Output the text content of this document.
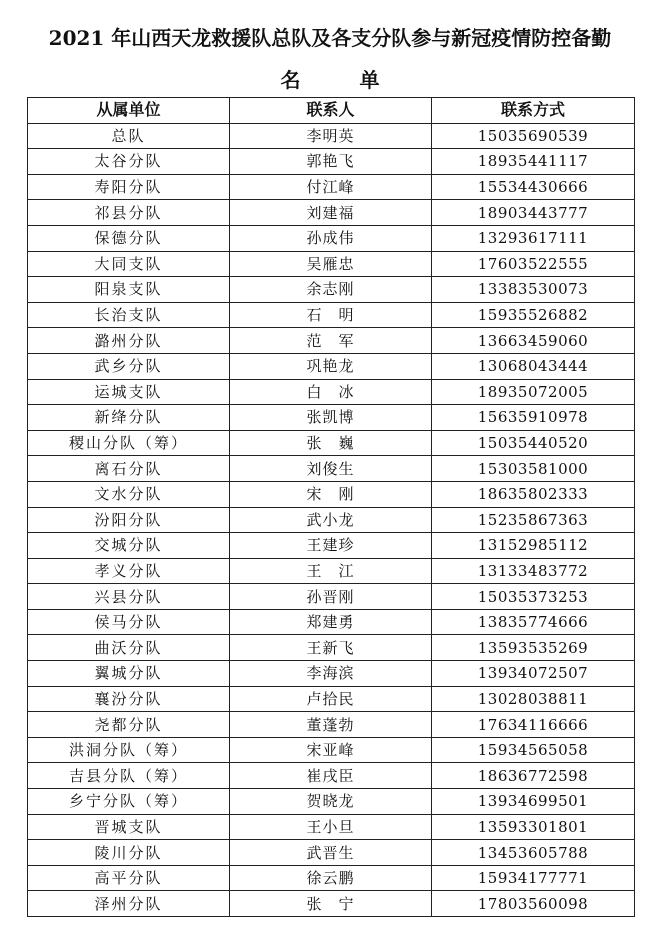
2021 年山西天龙救援队总队及各支分队参与新冠疫情防控备勤
名 单
从属单位	联系人	联系方式
总队	李明英	15035690539
太谷分队	郭艳飞	18935441117
寿阳分队	付江峰	15534430666
祁县分队	刘建福	18903443777
保德分队	孙成伟	13293617111
大同支队	吴雁忠	17603522555
阳泉支队	余志刚	13383530073
长治支队	石　明	15935526882
潞州分队	范　军	13663459060
武乡分队	巩艳龙	13068043444
运城支队	白　冰	18935072005
新绛分队	张凯博	15635910978
稷山分队（筹）	张　巍	15035440520
离石分队	刘俊生	15303581000
文水分队	宋　刚	18635802333
汾阳分队	武小龙	15235867363
交城分队	王建珍	13152985112
孝义分队	王　江	13133483772
兴县分队	孙晋刚	15035373253
侯马分队	郑建勇	13835774666
曲沃分队	王新飞	13593535269
翼城分队	李海滨	13934072507
襄汾分队	卢拾民	13028038811
尧都分队	董蓬勃	17634116666
洪洞分队（筹）	宋亚峰	15934565058
吉县分队（筹）	崔戌臣	18636772598
乡宁分队（筹）	贺晓龙	13934699501
晋城支队	王小旦	13593301801
陵川分队	武晋生	13453605788
高平分队	徐云鹏	15934177771
泽州分队	张　宁	17803560098
